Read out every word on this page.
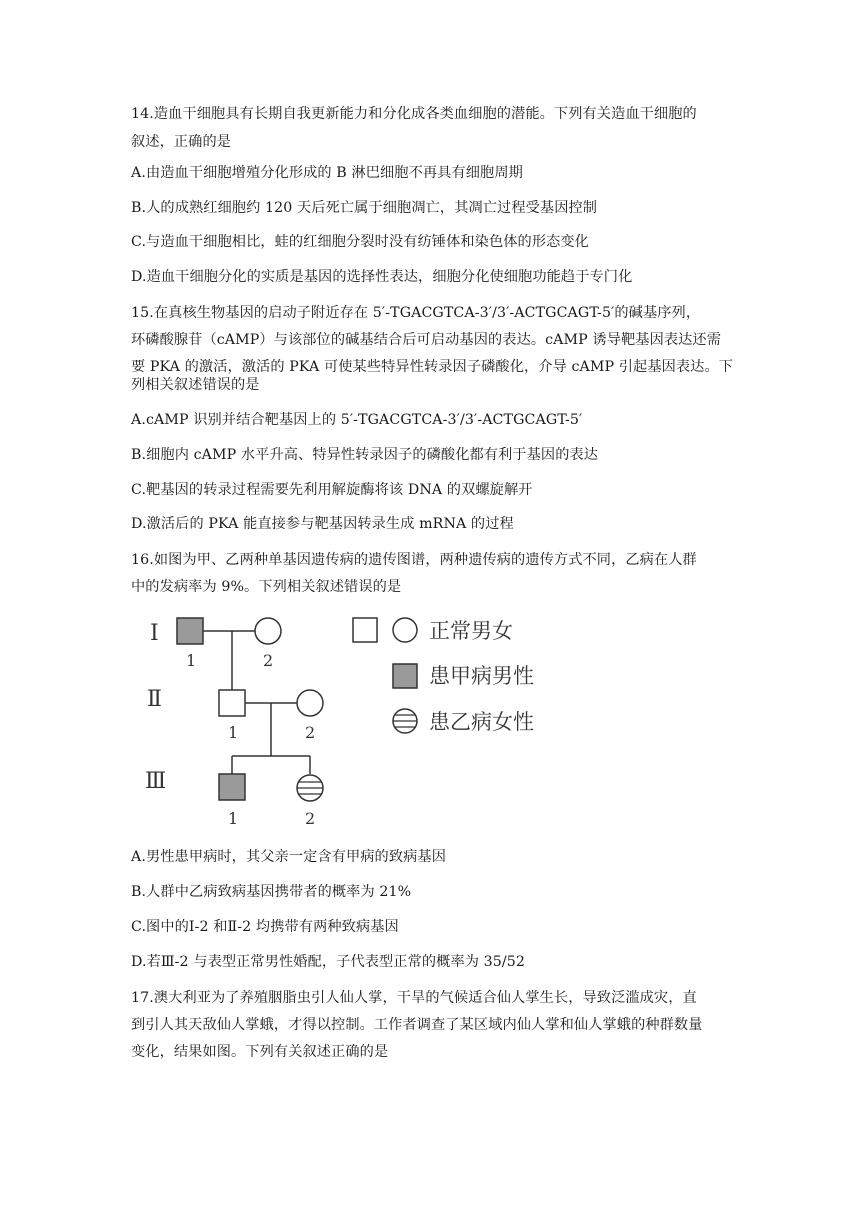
14.造血干细胞具有长期自我更新能力和分化成各类血细胞的潜能。下列有关造血干细胞的
叙述，正确的是
A.由造血干细胞增殖分化形成的 B 淋巴细胞不再具有细胞周期
B.人的成熟红细胞约 120 天后死亡属于细胞凋亡，其凋亡过程受基因控制
C.与造血干细胞相比，蛙的红细胞分裂时没有纺锤体和染色体的形态变化
D.造血干细胞分化的实质是基因的选择性表达，细胞分化使细胞功能趋于专门化
15.在真核生物基因的启动子附近存在 5′-TGACGTCA-3′/3′-ACTGCAGT-5′的碱基序列，
环磷酸腺苷（cAMP）与该部位的碱基结合后可启动基因的表达。cAMP 诱导靶基因表达还需
要 PKA 的激活，激活的 PKA 可使某些特异性转录因子磷酸化，介导 cAMP 引起基因表达。下
列相关叙述错误的是
A.cAMP 识别并结合靶基因上的 5′-TGACGTCA-3′/3′-ACTGCAGT-5′
B.细胞内 cAMP 水平升高、特异性转录因子的磷酸化都有利于基因的表达
C.靶基因的转录过程需要先利用解旋酶将该 DNA 的双螺旋解开
D.激活后的 PKA 能直接参与靶基因转录生成 mRNA 的过程
16.如图为甲、乙两种单基因遗传病的遗传图谱，两种遗传病的遗传方式不同，乙病在人群
中的发病率为 9%。下列相关叙述错误的是
Ⅰ
Ⅱ
Ⅲ
1	2
1	2
1	2
正常男女
患甲病男性
患乙病女性
A.男性患甲病时，其父亲一定含有甲病的致病基因
B.人群中乙病致病基因携带者的概率为 21%
C.图中的Ⅰ-2 和Ⅱ-2 均携带有两种致病基因
D.若Ⅲ-2 与表型正常男性婚配，子代表型正常的概率为 35/52
17.澳大利亚为了养殖胭脂虫引人仙人掌，干旱的气候适合仙人掌生长，导致泛滥成灾，直
到引人其天敌仙人掌蛾，才得以控制。工作者调查了某区域内仙人掌和仙人掌蛾的种群数量
变化，结果如图。下列有关叙述正确的是
